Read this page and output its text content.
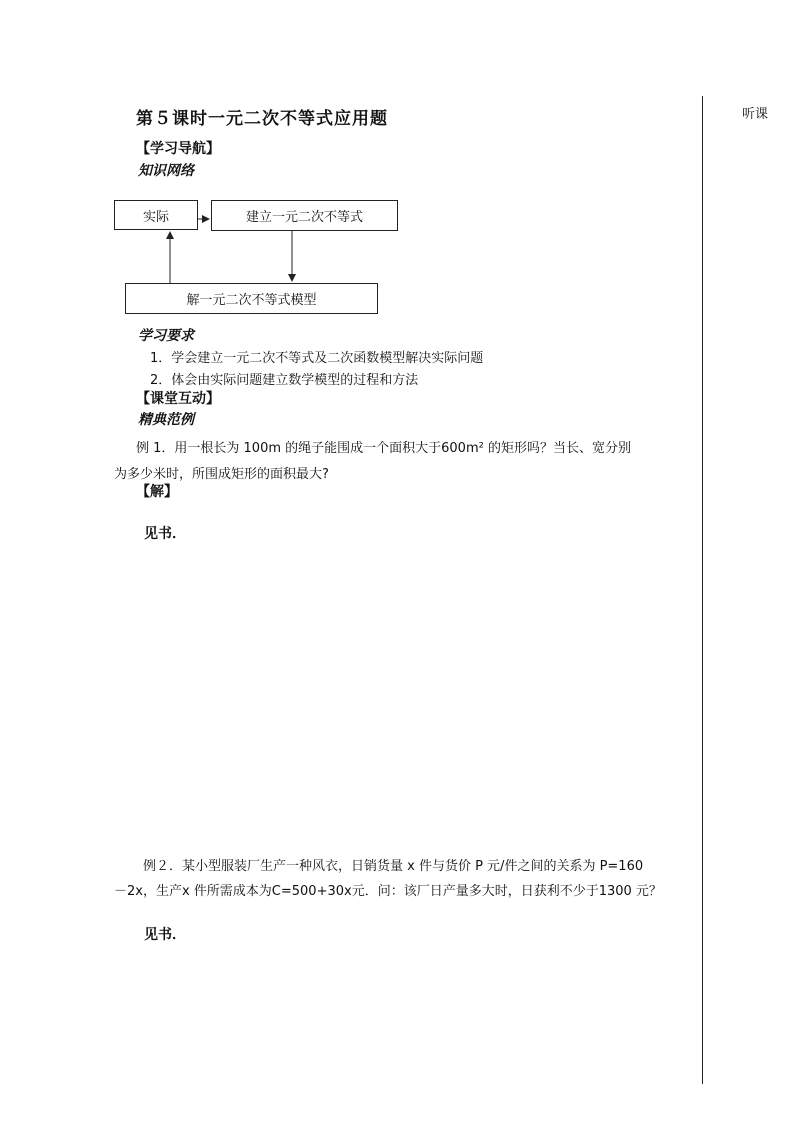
第５课时一元二次不等式应用题	听课
【学习导航】
知识网络
实际	建立一元二次不等式
解一元二次不等式模型
学习要求
1．学会建立一元二次不等式及二次函数模型解决实际问题
2．体会由实际问题建立数学模型的过程和方法
【课堂互动】
精典范例
例 1．用一根长为 100m 的绳子能围成一个面积大于600m² 的矩形吗？当长、宽分别
为多少米时，所围成矩形的面积最大?
【解】
见书．
例２．某小型服装厂生产一种风衣，日销货量 x 件与货价 P 元/件之间的关系为 P=160
－2x，生产x 件所需成本为C=500+30x元．问：该厂日产量多大时，日获利不少于1300 元？
见书．
